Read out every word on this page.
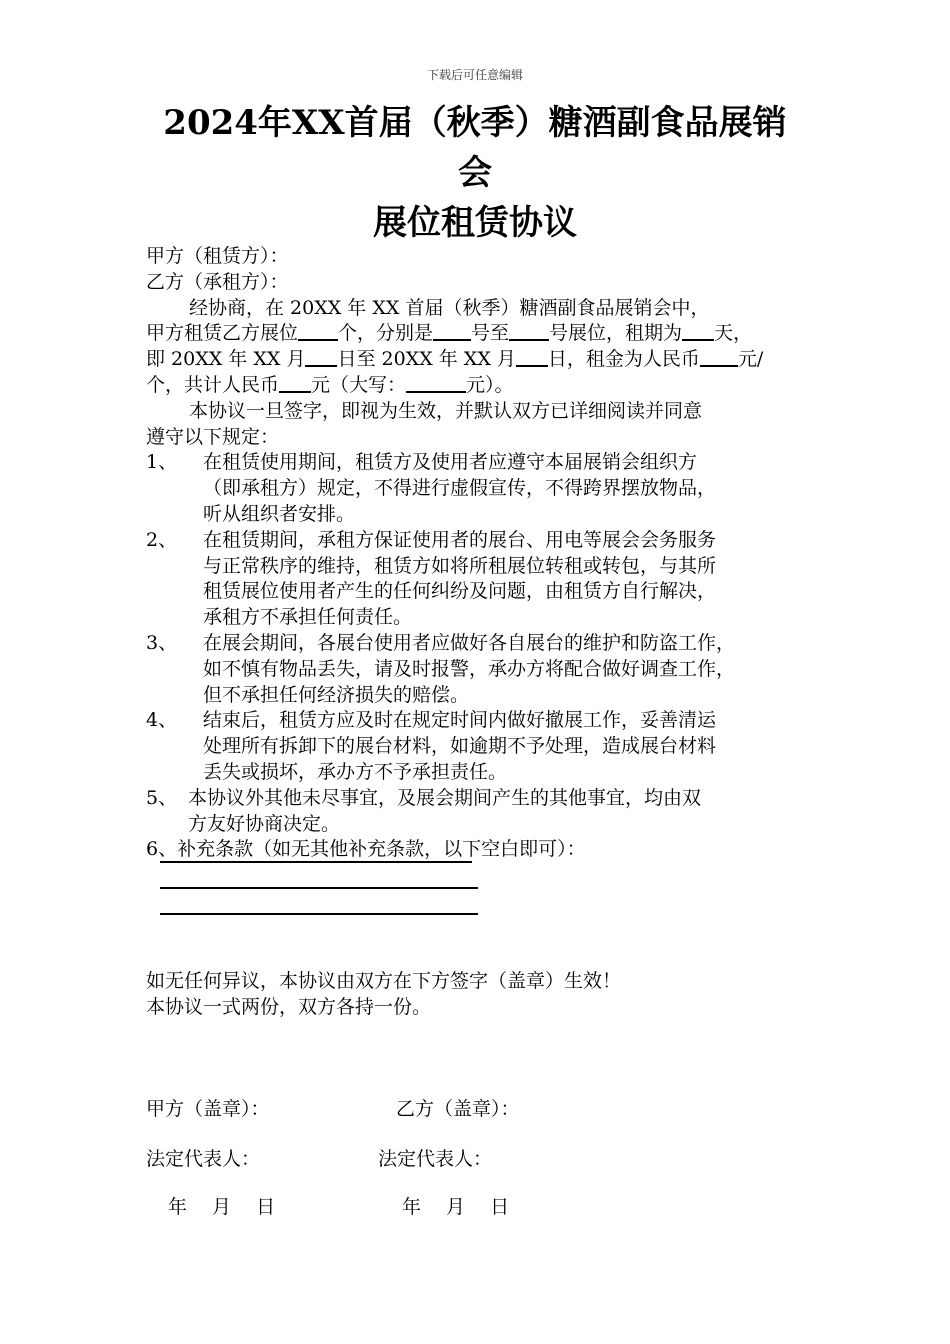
下载后可任意编辑
2024年XX首届（秋季）糖酒副食品展销
会
展位租赁协议
甲方（租赁方）：
乙方（承租方）：
经协商，在 20XX 年 XX 首届（秋季）糖酒副食品展销会中，
甲方租赁乙方展位 个，分别是 号至 号展位，租期为 天，
即 20XX 年 XX 月 日至 20XX 年 XX 月 日，租金为人民币 元/
个，共计人民币 元（大写：	元）。
本协议一旦签字，即视为生效，并默认双方已详细阅读并同意
遵守以下规定：
1、	在租赁使用期间，租赁方及使用者应遵守本届展销会组织方
（即承租方）规定，不得进行虚假宣传，不得跨界摆放物品，
听从组织者安排。
2、	在租赁期间，承租方保证使用者的展台、用电等展会会务服务
与正常秩序的维持，租赁方如将所租展位转租或转包，与其所
租赁展位使用者产生的任何纠纷及问题，由租赁方自行解决，
承租方不承担任何责任。
3、	在展会期间，各展台使用者应做好各自展台的维护和防盗工作，
如不慎有物品丢失，请及时报警，承办方将配合做好调查工作，
但不承担任何经济损失的赔偿。
4、	结束后，租赁方应及时在规定时间内做好撤展工作，妥善清运
处理所有拆卸下的展台材料，如逾期不予处理，造成展台材料
丢失或损坏，承办方不予承担责任。
5、 本协议外其他未尽事宜，及展会期间产生的其他事宜，均由双
方友好协商决定。
6、补充条款（如无其他补充条款，以下空白即可）：
如无任何异议，本协议由双方在下方签字（盖章）生效！
本协议一式两份，双方各持一份。
甲方（盖章）：	乙方（盖章）：
法定代表人：	法定代表人：
年　 月　 日	年　 月　 日
